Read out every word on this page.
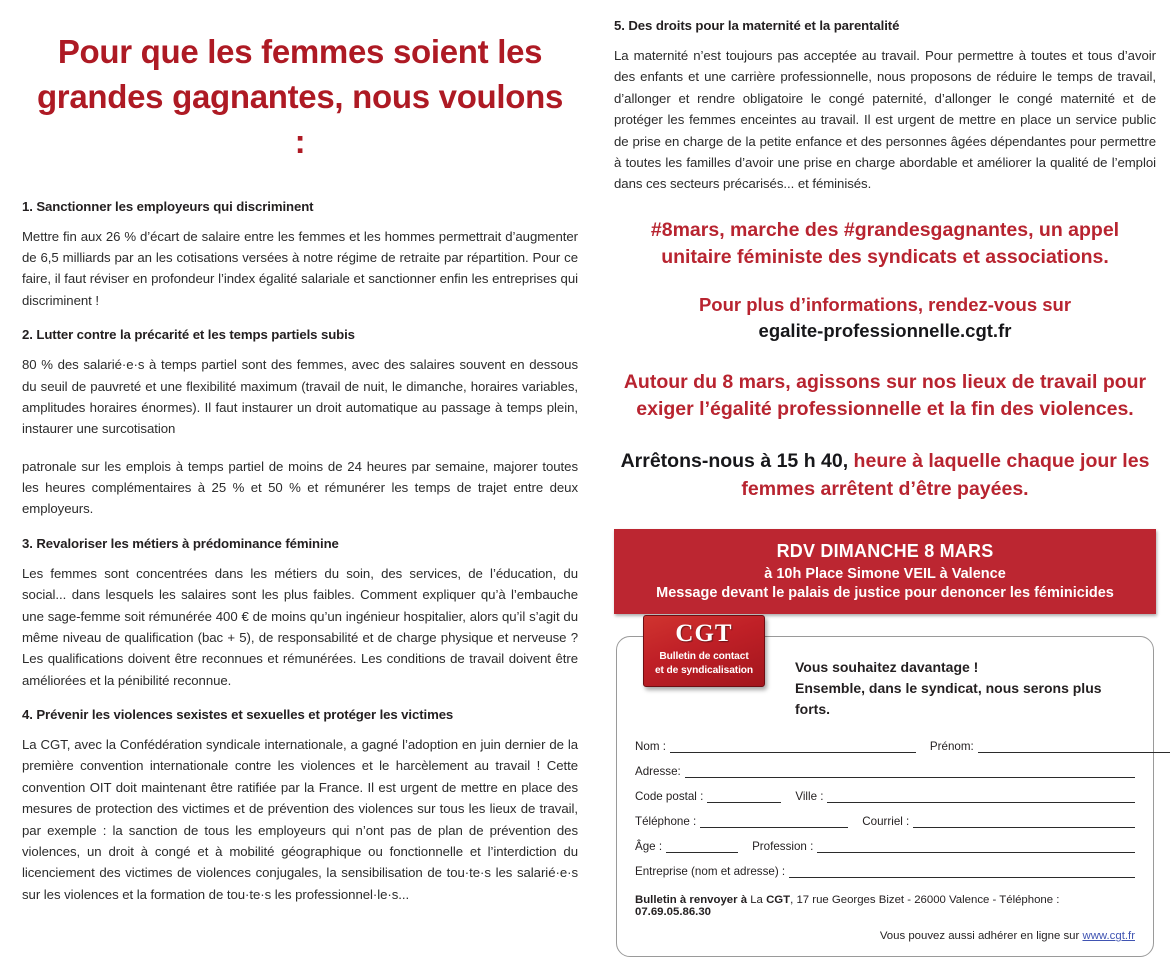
Pour que les femmes soient les grandes gagnantes, nous voulons :
1. Sanctionner les employeurs qui discriminent

Mettre fin aux 26 % d’écart de salaire entre les femmes et les hommes permettrait d’augmenter de 6,5 milliards par an les cotisations versées à notre régime de retraite par répartition. Pour ce faire, il faut réviser en profondeur l’index égalité salariale et sanctionner enfin les entreprises qui discriminent !

2. Lutter contre la précarité et les temps partiels subis

80 % des salarié·e·s à temps partiel sont des femmes, avec des salaires souvent en dessous du seuil de pauvreté et une flexibilité maximum (travail de nuit, le dimanche, horaires variables, amplitudes horaires énormes). Il faut instaurer un droit automatique au passage à temps plein, instaurer une surcotisation

patronale sur les emplois à temps partiel de moins de 24 heures par semaine, majorer toutes les heures complémentaires à 25 % et 50 % et rémunérer les temps de trajet entre deux employeurs.

3. Revaloriser les métiers à prédominance féminine

Les femmes sont concentrées dans les métiers du soin, des services, de l’éducation, du social... dans lesquels les salaires sont les plus faibles. Comment expliquer qu’à l’embauche une sage-femme soit rémunérée 400 € de moins qu’un ingénieur hospitalier, alors qu’il s’agit du même niveau de qualification (bac + 5), de responsabilité et de charge physique et nerveuse ? Les qualifications doivent être reconnues et rémunérées. Les conditions de travail doivent être améliorées et la pénibilité reconnue.

4. Prévenir les violences sexistes et sexuelles et protéger les victimes

La CGT, avec la Confédération syndicale internationale, a gagné l’adoption en juin dernier de la première convention internationale contre les violences et le harcèlement au travail ! Cette convention OIT doit maintenant être ratifiée par la France. Il est urgent de mettre en place des mesures de protection des victimes et de prévention des violences sur tous les lieux de travail, par exemple : la sanction de tous les employeurs qui n’ont pas de plan de prévention des violences, un droit à congé et à mobilité géographique ou fonctionnelle et l’interdiction du licenciement des victimes de violences conjugales, la sensibilisation de tou·te·s les salarié·e·s sur les violences et la formation de tou·te·s les professionnel·le·s...

5. Des droits pour la maternité et la parentalité

La maternité n’est toujours pas acceptée au travail. Pour permettre à toutes et tous d’avoir des enfants et une carrière professionnelle, nous proposons de réduire le temps de travail, d’allonger et rendre obligatoire le congé paternité, d’allonger le congé maternité et de protéger les femmes enceintes au travail. Il est urgent de mettre en place un service public de prise en charge de la petite enfance et des personnes âgées dépendantes pour permettre à toutes les familles d’avoir une prise en charge abordable et améliorer la qualité de l’emploi dans ces secteurs précarisés... et féminisés.

#8mars, marche des #grandesgagnantes, un appel unitaire féministe des syndicats et associations.
Pour plus d’informations, rendez-vous sur
egalite-professionnelle.cgt.fr
Autour du 8 mars, agissons sur nos lieux de travail pour exiger l’égalité professionnelle et la fin des violences.
Arrêtons-nous à 15 h 40, heure à laquelle chaque jour les femmes arrêtent d’être payées.
RDV DIMANCHE 8 MARS
à 10h Place Simone VEIL à Valence
Message devant le palais de justice pour denoncer les féminicides
CGT
Bulletin de contact
et de syndicalisation	Vous souhaitez davantage !
Ensemble, dans le syndicat, nous serons plus forts.
Nom :	Prénom:
Adresse:
Code postal :	Ville :
Téléphone :	Courriel :
Âge :	Profession :
Entreprise (nom et adresse) :
Bulletin à renvoyer à La CGT, 17 rue Georges Bizet - 26000 Valence - Téléphone : 07.69.05.86.30
Vous pouvez aussi adhérer en ligne sur www.cgt.fr
